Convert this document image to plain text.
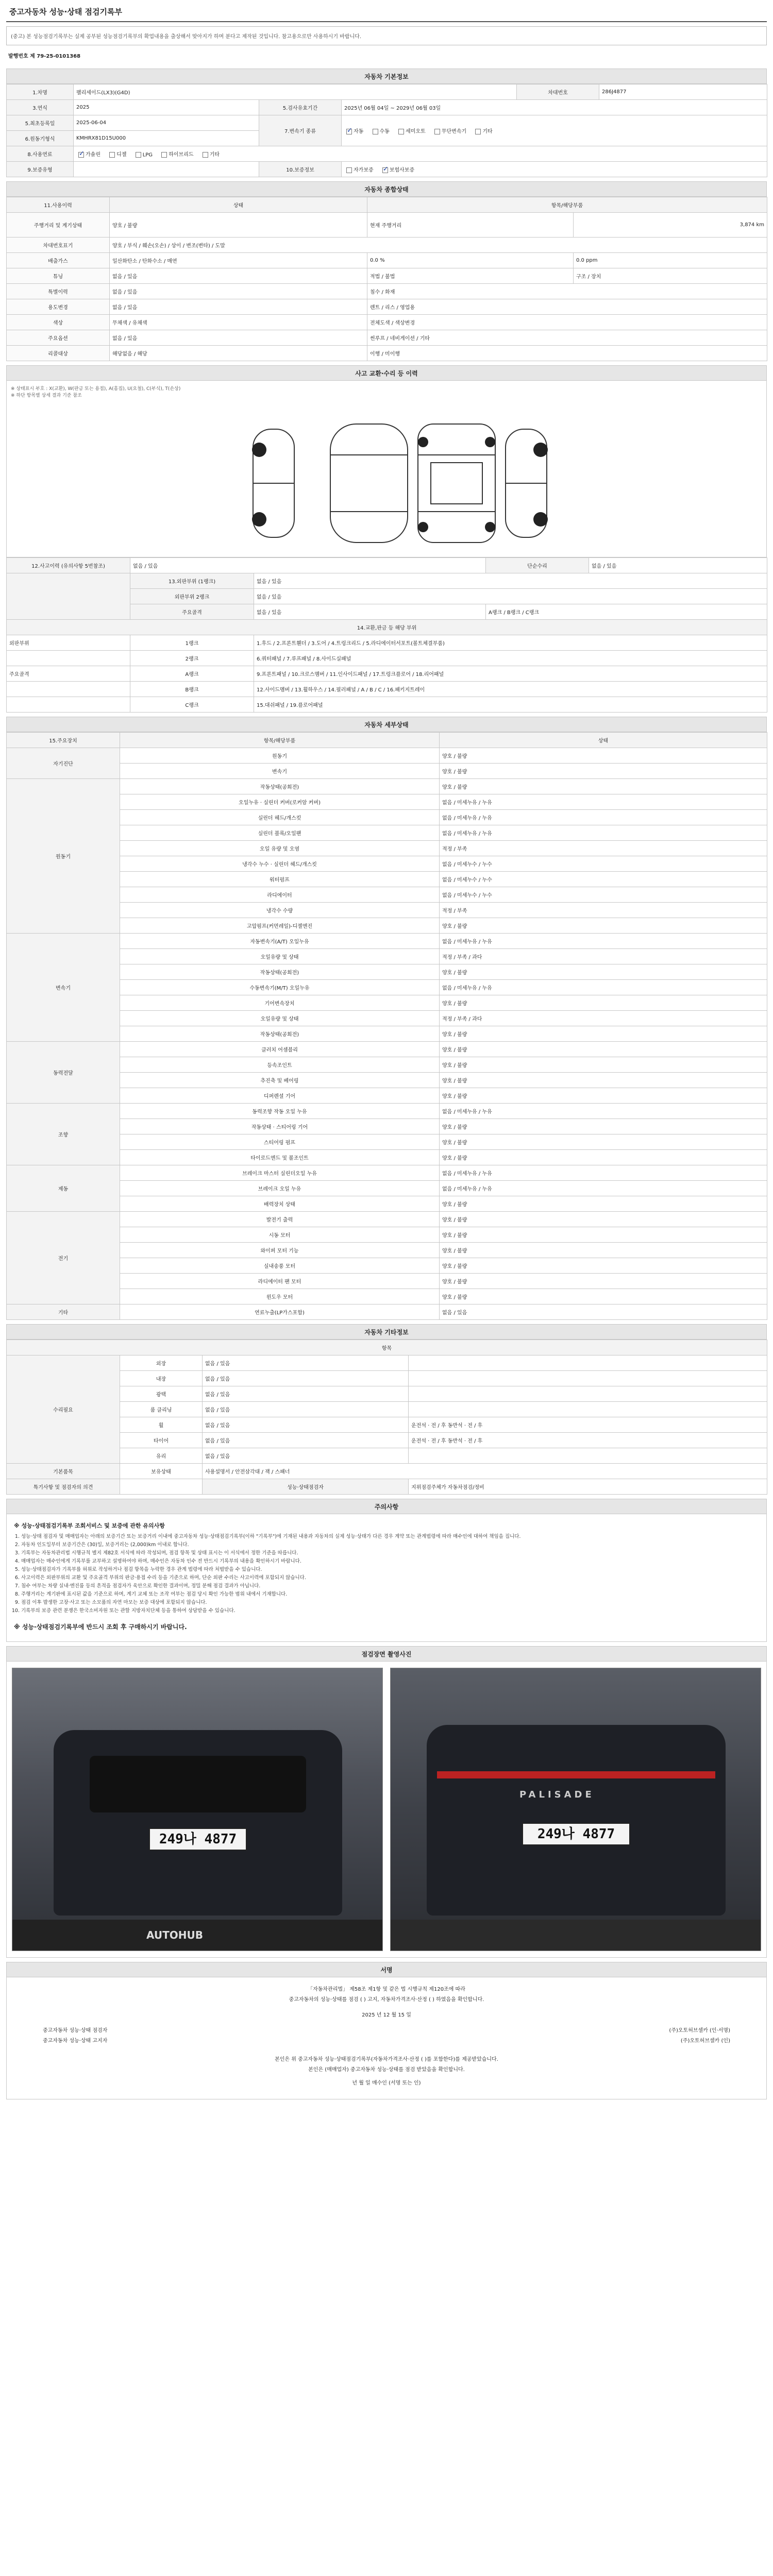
중고자동차 성능·상태 점검기록부
(중고) 본 성능점검기록부는 실제 공부된 성능점검기록부의 확업내용을 출상해서 맞아지가 하며 분다고 제작된 것입니다. 참고용으로만 사용하시기 바랍니다.
발행번호 제 79-25-0101368
자동차 기본정보
1.차명	팰리세이드(LX3)(G4D)			차대번호	286J4877
3.연식	2025	5.검사유효기간	2025년 06월 04일 ~ 2029년 06월 03일		
5.최초등록일	2025-06-04	7.변속기 종류	✓자동 수동 세미오토 무단변속기 기타
6.원동기형식	KMHRX81D15U000				
8.사용연료	✓가솔린 디젤 LPG 하이브리드 기타
9.보증유형		10.보증정보	자가보증 ✓ 보험사보증
자동차 종합상태
11.사용이력	상태	항목/해당부품	
주행거리 및 계기상태	양호 / 불량	현재 주행거리	3,874 km
차대번호표기	양호 / 부식 / 훼손(오손) / 상이 / 변조(변타) / 도말		
배출가스	일산화탄소 / 탄화수소 / 매연	0.0 %	0.0 ppm
튜닝	없음 / 있음	적법 / 불법	구조 / 장치
특별이력	없음 / 있음	침수 / 화재	
용도변경	없음 / 있음	렌트 / 리스 / 영업용	
색상	무채색 / 유채색	전체도색 / 색상변경	
주요옵션	없음 / 있음	썬루프 / 네비게이션 / 기타	
리콜대상	해당없음 / 해당	이행 / 미이행	
사고 교환·수리 등 이력
※ 상태표시 부호 : X(교환), W(판금 또는 용접), A(흠집), U(요철), C(부식), T(손상)
※ 하단 항목별 상세 결과 기준 참조
12.사고이력 (유의사항 5번참조)	없음 / 있음		단순수리	없음 / 있음
	13.외판부위 (1랭크)	없음 / 있음		
	외판부위 2랭크	없음 / 있음		
	주요골격	없음 / 있음	A랭크 / B랭크 / C랭크	
14.교환,판금 등 해당 부위				
외판부위	1랭크	1.후드 / 2.프론트휀더 / 3.도어 / 4.트렁크리드 / 5.라디에이터서포트(볼트체결부품)		
	2랭크	6.쿼터패널 / 7.루프패널 / 8.사이드실패널		
주요골격	A랭크	9.프론트패널 / 10.크로스멤버 / 11.인사이드패널 / 17.트렁크플로어 / 18.리어패널		
	B랭크	12.사이드멤버 / 13.휠하우스 / 14.필러패널 / A / B / C / 16.패키지트레이		
	C랭크	15.대쉬패널 / 19.플로어패널		
자동차 세부상태
15.주요장치	항목/해당부품	상태
자기진단	원동기	양호 / 불량
	변속기	양호 / 불량
원동기	작동상태(공회전)	양호 / 불량
	오일누유 · 실린더 커버(로커암 커버)	없음 / 미세누유 / 누유
	실린더 헤드/개스킷	없음 / 미세누유 / 누유
	실린더 블록/오일팬	없음 / 미세누유 / 누유
	오일 유량 및 오염	적정 / 부족
	냉각수 누수 · 실린더 헤드/개스킷	없음 / 미세누수 / 누수
	워터펌프	없음 / 미세누수 / 누수
	라디에이터	없음 / 미세누수 / 누수
	냉각수 수량	적정 / 부족
	고압펌프(커먼레일)-디젤엔진	양호 / 불량
변속기	자동변속기(A/T) 오일누유	없음 / 미세누유 / 누유
	오일유량 및 상태	적정 / 부족 / 과다
	작동상태(공회전)	양호 / 불량
	수동변속기(M/T) 오일누유	없음 / 미세누유 / 누유
	기어변속장치	양호 / 불량
	오일유량 및 상태	적정 / 부족 / 과다
	작동상태(공회전)	양호 / 불량
동력전달	클러치 어셈블리	양호 / 불량
	등속조인트	양호 / 불량
	추진축 및 베어링	양호 / 불량
	디퍼렌셜 기어	양호 / 불량
조향	동력조향 작동 오일 누유	없음 / 미세누유 / 누유
	작동상태 · 스티어링 기어	양호 / 불량
	스티어링 펌프	양호 / 불량
	타이로드엔드 및 볼조인트	양호 / 불량
제동	브레이크 마스터 실린더오일 누유	없음 / 미세누유 / 누유
	브레이크 오일 누유	없음 / 미세누유 / 누유
	배력장치 상태	양호 / 불량
전기	발전기 출력	양호 / 불량
	시동 모터	양호 / 불량
	와이퍼 모터 기능	양호 / 불량
	실내송풍 모터	양호 / 불량
	라디에이터 팬 모터	양호 / 불량
	윈도우 모터	양호 / 불량
기타	연료누출(LP가스포함)	없음 / 있음
자동차 기타정보
항목			
수리필요	외장	없음 / 있음	
	내장	없음 / 있음	
	광택	없음 / 있음	
	룸 클리닝	없음 / 있음	
	휠	없음 / 있음	운전석 · 전 / 후 동반석 · 전 / 후
	타이어	없음 / 있음	운전석 · 전 / 후 동반석 · 전 / 후
	유리	없음 / 있음	
기본품목	보유상태	사용설명서 / 안전삼각대 / 잭 / 스패너	
특기사항 및 점검자의 의견		성능·상태점검자	지위점검주체가 자동차점검/정비
주의사항
※ 성능·상태점검기록부 조회서비스 및 보증에 관한 유의사항
1. 성능·상태 점검자 및 매매업자는 아래의 보증기간 또는 보증거리 이내에 중고자동차 성능·상태점검기록부(이하 "기록부")에 기재된 내용과 자동차의 실제 성능·상태가 다른 경우 계약 또는 관계법령에 따라 매수인에 대하여 책임을 집니다.
2. 자동차 인도일부터 보증기간은 (30)일, 보증거리는 (2,000)km 이내로 합니다.
3. 기록부는 자동차관리법 시행규칙 별지 제82호 서식에 따라 작성되며, 점검 항목 및 상태 표시는 이 서식에서 정한 기준을 따릅니다.
4. 매매업자는 매수인에게 기록부를 교부하고 설명하여야 하며, 매수인은 자동차 인수 전 반드시 기록부의 내용을 확인하시기 바랍니다.
5. 성능·상태점검자가 기록부를 허위로 작성하거나 점검 항목을 누락한 경우 관계 법령에 따라 처벌받을 수 있습니다.
6. 사고이력은 외판부위의 교환 및 주요골격 부위의 판금·용접 수리 등을 기준으로 하며, 단순 외판 수리는 사고이력에 포함되지 않습니다.
7. 침수 여부는 차량 실내·엔진룸 등의 흔적을 점검자가 육안으로 확인한 결과이며, 정밀 분해 점검 결과가 아닙니다.
8. 주행거리는 계기판에 표시된 값을 기준으로 하며, 계기 교체 또는 조작 여부는 점검 당시 확인 가능한 범위 내에서 기재합니다.
9. 점검 이후 발생한 고장·사고 또는 소모품의 자연 마모는 보증 대상에 포함되지 않습니다.
10. 기록부의 보증 관련 분쟁은 한국소비자원 또는 관할 지방자치단체 등을 통하여 상담받을 수 있습니다.
※ 성능·상태점검기록부에 반드시 조회 후 구매하시기 바랍니다.
점검장면 촬영사진
249나 4877
AUTOHUB
PALISADE
249나 4877
서명
「자동차관리법」 제58조 제1항 및 같은 법 시행규칙 제120조에 따라
중고자동차의 성능·상태를 점검 ( ) 고지, 자동차가격조사·산정 ( ) 하였음을 확인합니다.
2025 년 12 월 15 일
중고자동차 성능·상태 점검자	(주)오토허브셀카 (인·서명)
중고자동차 성능·상태 고지자	(주)오토허브셀카 (인)
본인은 위 중고자동차 성능·상태점검기록부(자동차가격조사·산정 ( )를 포함한다)를 제공받았습니다.
본인은 (매매업자) 중고자동차 성능·상태를 점검 받았음을 확인합니다.
년 월 일 매수인 (서명 또는 인)
